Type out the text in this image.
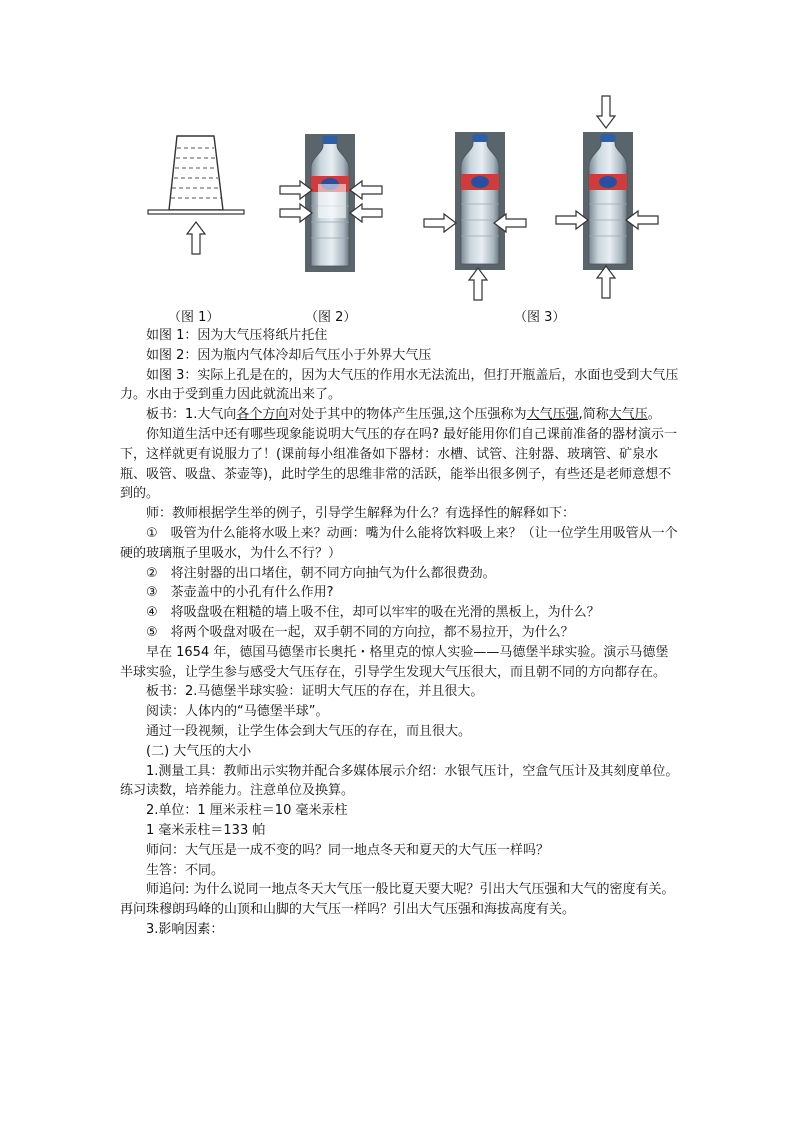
（图 1）	（图 2）	（图 3）

如图 1：因为大气压将纸片托住

如图 2：因为瓶内气体冷却后气压小于外界大气压

如图 3：实际上孔是在的，因为大气压的作用水无法流出，但打开瓶盖后，水面也受到大气压力。水由于受到重力因此就流出来了。

板书：1.大气向各个方向对处于其中的物体产生压强,这个压强称为大气压强,简称大气压。

你知道生活中还有哪些现象能说明大气压的存在吗? 最好能用你们自己课前准备的器材演示一下，这样就更有说服力了！(课前每小组准备如下器材：水槽、试管、注射器、玻璃管、矿泉水瓶、吸管、吸盘、茶壶等)，此时学生的思维非常的活跃，能举出很多例子，有些还是老师意想不到的。

师：教师根据学生举的例子，引导学生解释为什么？有选择性的解释如下：

①　吸管为什么能将水吸上来？动画：嘴为什么能将饮料吸上来？（让一位学生用吸管从一个硬的玻璃瓶子里吸水，为什么不行？）

②　将注射器的出口堵住，朝不同方向抽气为什么都很费劲。

③　茶壶盖中的小孔有什么作用?

④　将吸盘吸在粗糙的墙上吸不住，却可以牢牢的吸在光滑的黑板上，为什么？

⑤　将两个吸盘对吸在一起，双手朝不同的方向拉，都不易拉开，为什么？

早在 1654 年，德国马德堡市长奥托・格里克的惊人实验——马德堡半球实验。演示马德堡半球实验，让学生参与感受大气压存在，引导学生发现大气压很大，而且朝不同的方向都存在。

板书：2.马德堡半球实验：证明大气压的存在，并且很大。

阅读：人体内的“马德堡半球”。

通过一段视频，让学生体会到大气压的存在，而且很大。

(二) 大气压的大小

1.测量工具：教师出示实物并配合多媒体展示介绍：水银气压计，空盒气压计及其刻度单位。练习读数，培养能力。注意单位及换算。

2.单位：1 厘米汞柱＝10 毫米汞柱

1 毫米汞柱＝133 帕

师问：大气压是一成不变的吗？同一地点冬天和夏天的大气压一样吗？

生答：不同。

师追问: 为什么说同一地点冬天大气压一般比夏天要大呢？引出大气压强和大气的密度有关。再问珠穆朗玛峰的山顶和山脚的大气压一样吗？引出大气压强和海拔高度有关。

3.影响因素：
